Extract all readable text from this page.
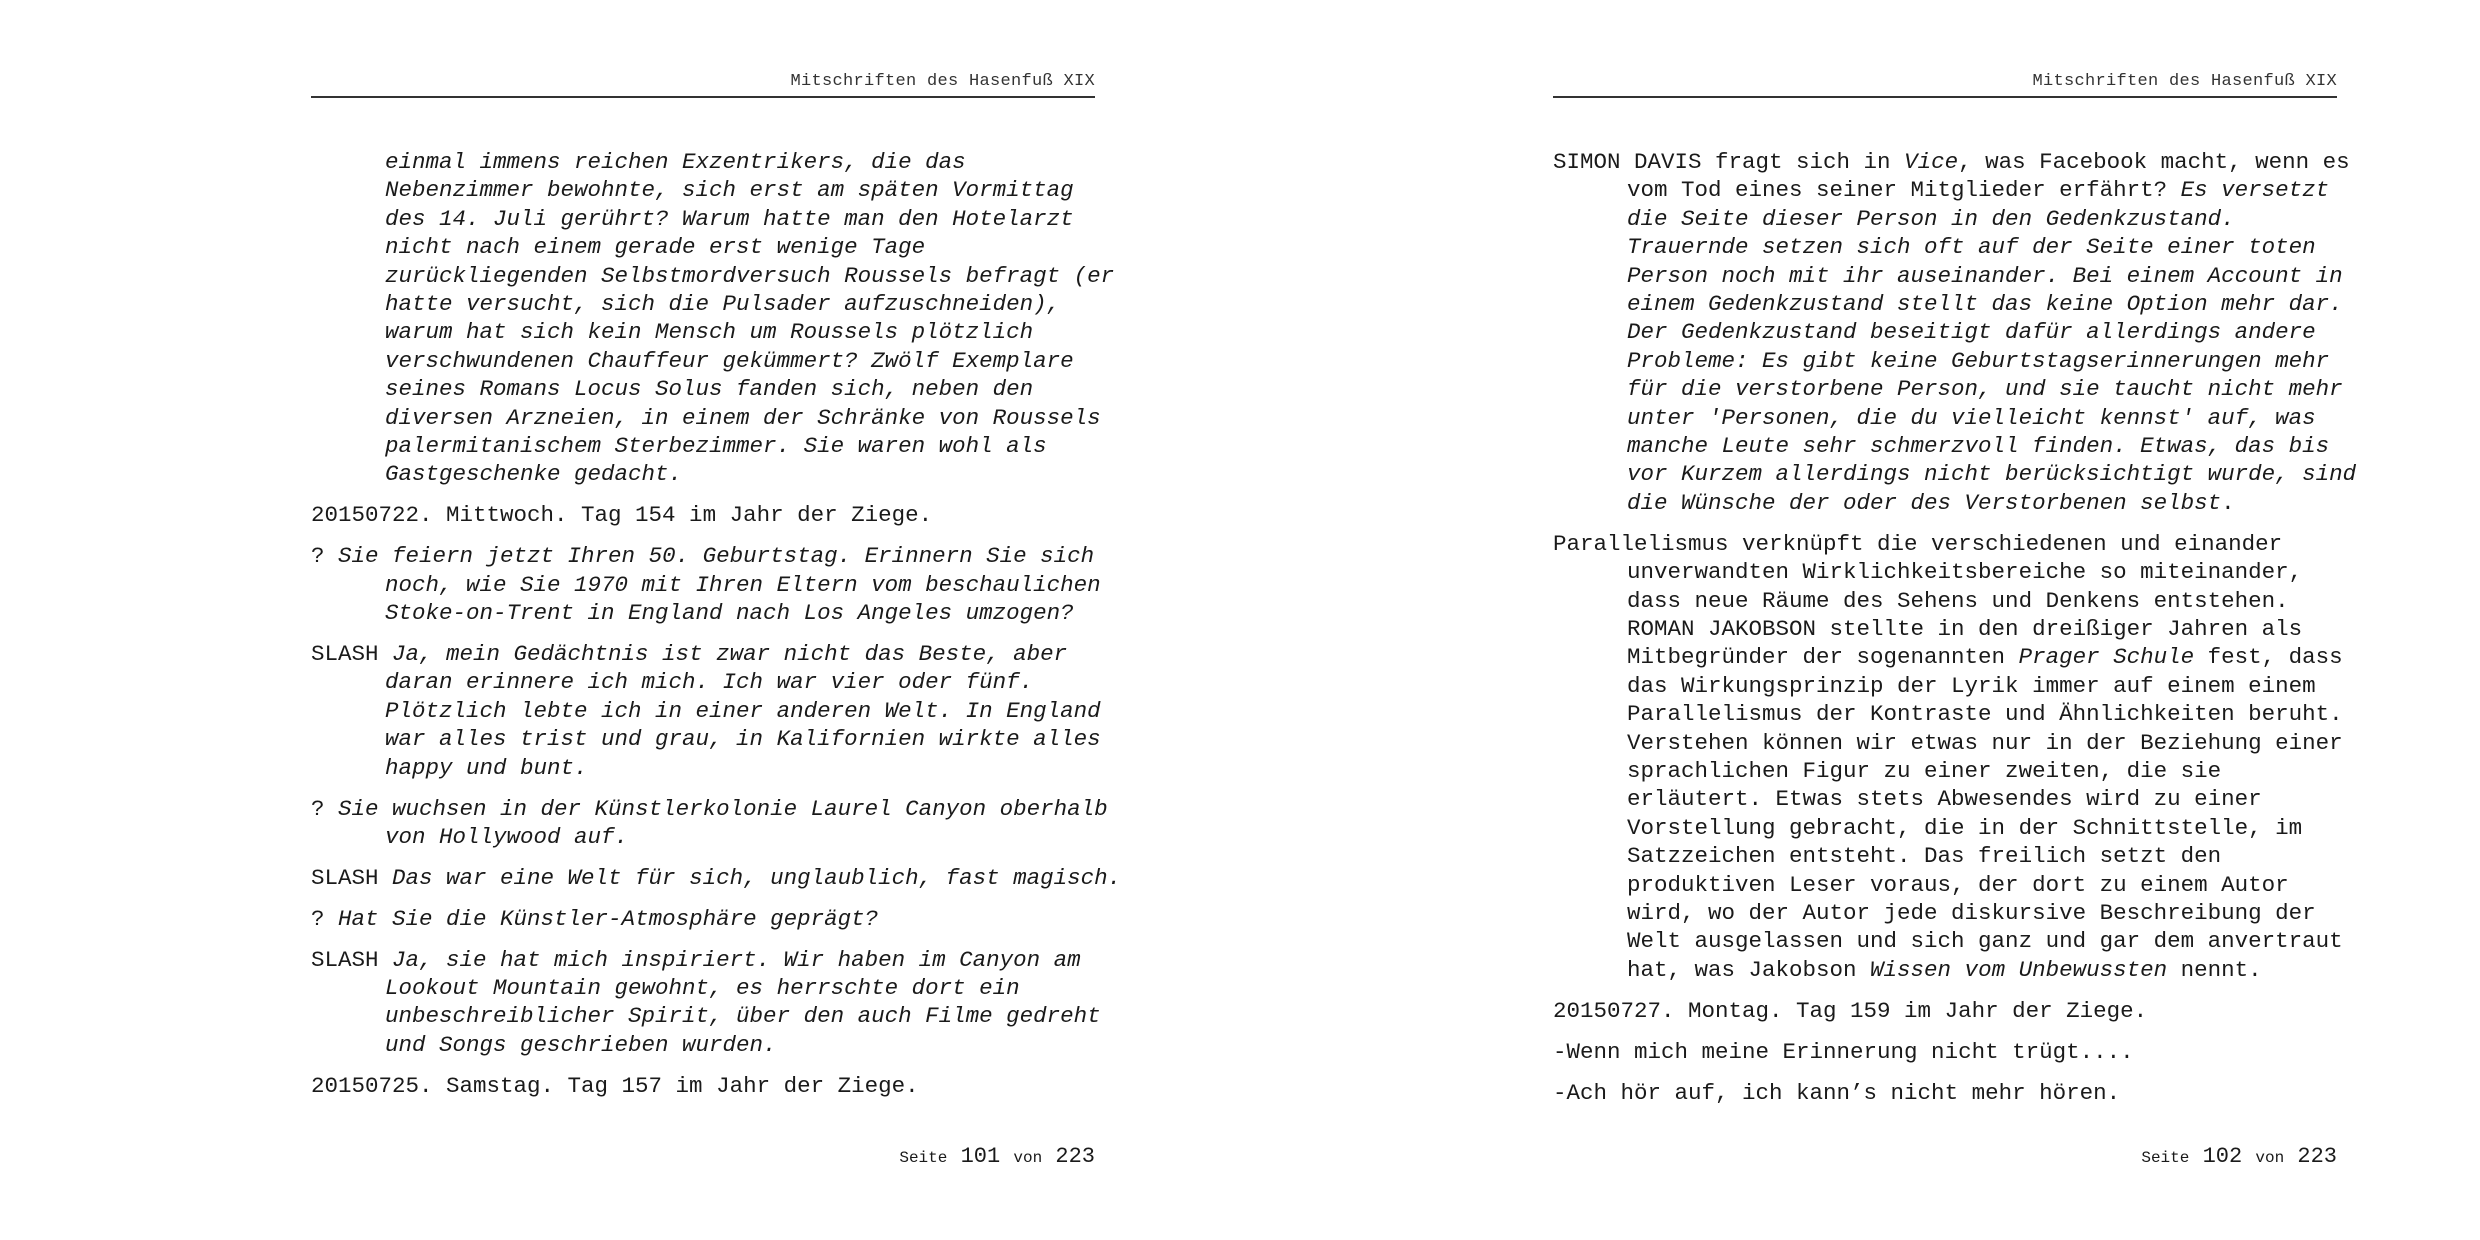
Mitschriften des Hasenfuß XIX
einmal immens reichen Exzentrikers, die das
Nebenzimmer bewohnte, sich erst am späten Vormittag
des 14. Juli gerührt? Warum hatte man den Hotelarzt
nicht nach einem gerade erst wenige Tage
zurückliegenden Selbstmordversuch Roussels befragt (er
hatte versucht, sich die Pulsader aufzuschneiden),
warum hat sich kein Mensch um Roussels plötzlich
verschwundenen Chauffeur gekümmert? Zwölf Exemplare
seines Romans Locus Solus fanden sich, neben den
diversen Arzneien, in einem der Schränke von Roussels
palermitanischem Sterbezimmer. Sie waren wohl als
Gastgeschenke gedacht.
20150722. Mittwoch. Tag 154 im Jahr der Ziege.
? Sie feiern jetzt Ihren 50. Geburtstag. Erinnern Sie sich
noch, wie Sie 1970 mit Ihren Eltern vom beschaulichen
Stoke-on-Trent in England nach Los Angeles umzogen?
SLASH Ja, mein Gedächtnis ist zwar nicht das Beste, aber
daran erinnere ich mich. Ich war vier oder fünf.
Plötzlich lebte ich in einer anderen Welt. In England
war alles trist und grau, in Kalifornien wirkte alles
happy und bunt.
? Sie wuchsen in der Künstlerkolonie Laurel Canyon oberhalb
von Hollywood auf.
SLASH Das war eine Welt für sich, unglaublich, fast magisch.
? Hat Sie die Künstler-Atmosphäre geprägt?
SLASH Ja, sie hat mich inspiriert. Wir haben im Canyon am
Lookout Mountain gewohnt, es herrschte dort ein
unbeschreiblicher Spirit, über den auch Filme gedreht
und Songs geschrieben wurden.
20150725. Samstag. Tag 157 im Jahr der Ziege.
Seite 101 von 223
Mitschriften des Hasenfuß XIX
SIMON DAVIS fragt sich in Vice, was Facebook macht, wenn es
vom Tod eines seiner Mitglieder erfährt? Es versetzt
die Seite dieser Person in den Gedenkzustand.
Trauernde setzen sich oft auf der Seite einer toten
Person noch mit ihr auseinander. Bei einem Account in
einem Gedenkzustand stellt das keine Option mehr dar.
Der Gedenkzustand beseitigt dafür allerdings andere
Probleme: Es gibt keine Geburtstagserinnerungen mehr
für die verstorbene Person, und sie taucht nicht mehr
unter 'Personen, die du vielleicht kennst' auf, was
manche Leute sehr schmerzvoll finden. Etwas, das bis
vor Kurzem allerdings nicht berücksichtigt wurde, sind
die Wünsche der oder des Verstorbenen selbst.
Parallelismus verknüpft die verschiedenen und einander
unverwandten Wirklichkeitsbereiche so miteinander,
dass neue Räume des Sehens und Denkens entstehen.
ROMAN JAKOBSON stellte in den dreißiger Jahren als
Mitbegründer der sogenannten Prager Schule fest, dass
das Wirkungsprinzip der Lyrik immer auf einem einem
Parallelismus der Kontraste und Ähnlichkeiten beruht.
Verstehen können wir etwas nur in der Beziehung einer
sprachlichen Figur zu einer zweiten, die sie
erläutert. Etwas stets Abwesendes wird zu einer
Vorstellung gebracht, die in der Schnittstelle, im
Satzzeichen entsteht. Das freilich setzt den
produktiven Leser voraus, der dort zu einem Autor
wird, wo der Autor jede diskursive Beschreibung der
Welt ausgelassen und sich ganz und gar dem anvertraut
hat, was Jakobson Wissen vom Unbewussten nennt.
20150727. Montag. Tag 159 im Jahr der Ziege.
-Wenn mich meine Erinnerung nicht trügt....
-Ach hör auf, ich kann’s nicht mehr hören.
Seite 102 von 223
